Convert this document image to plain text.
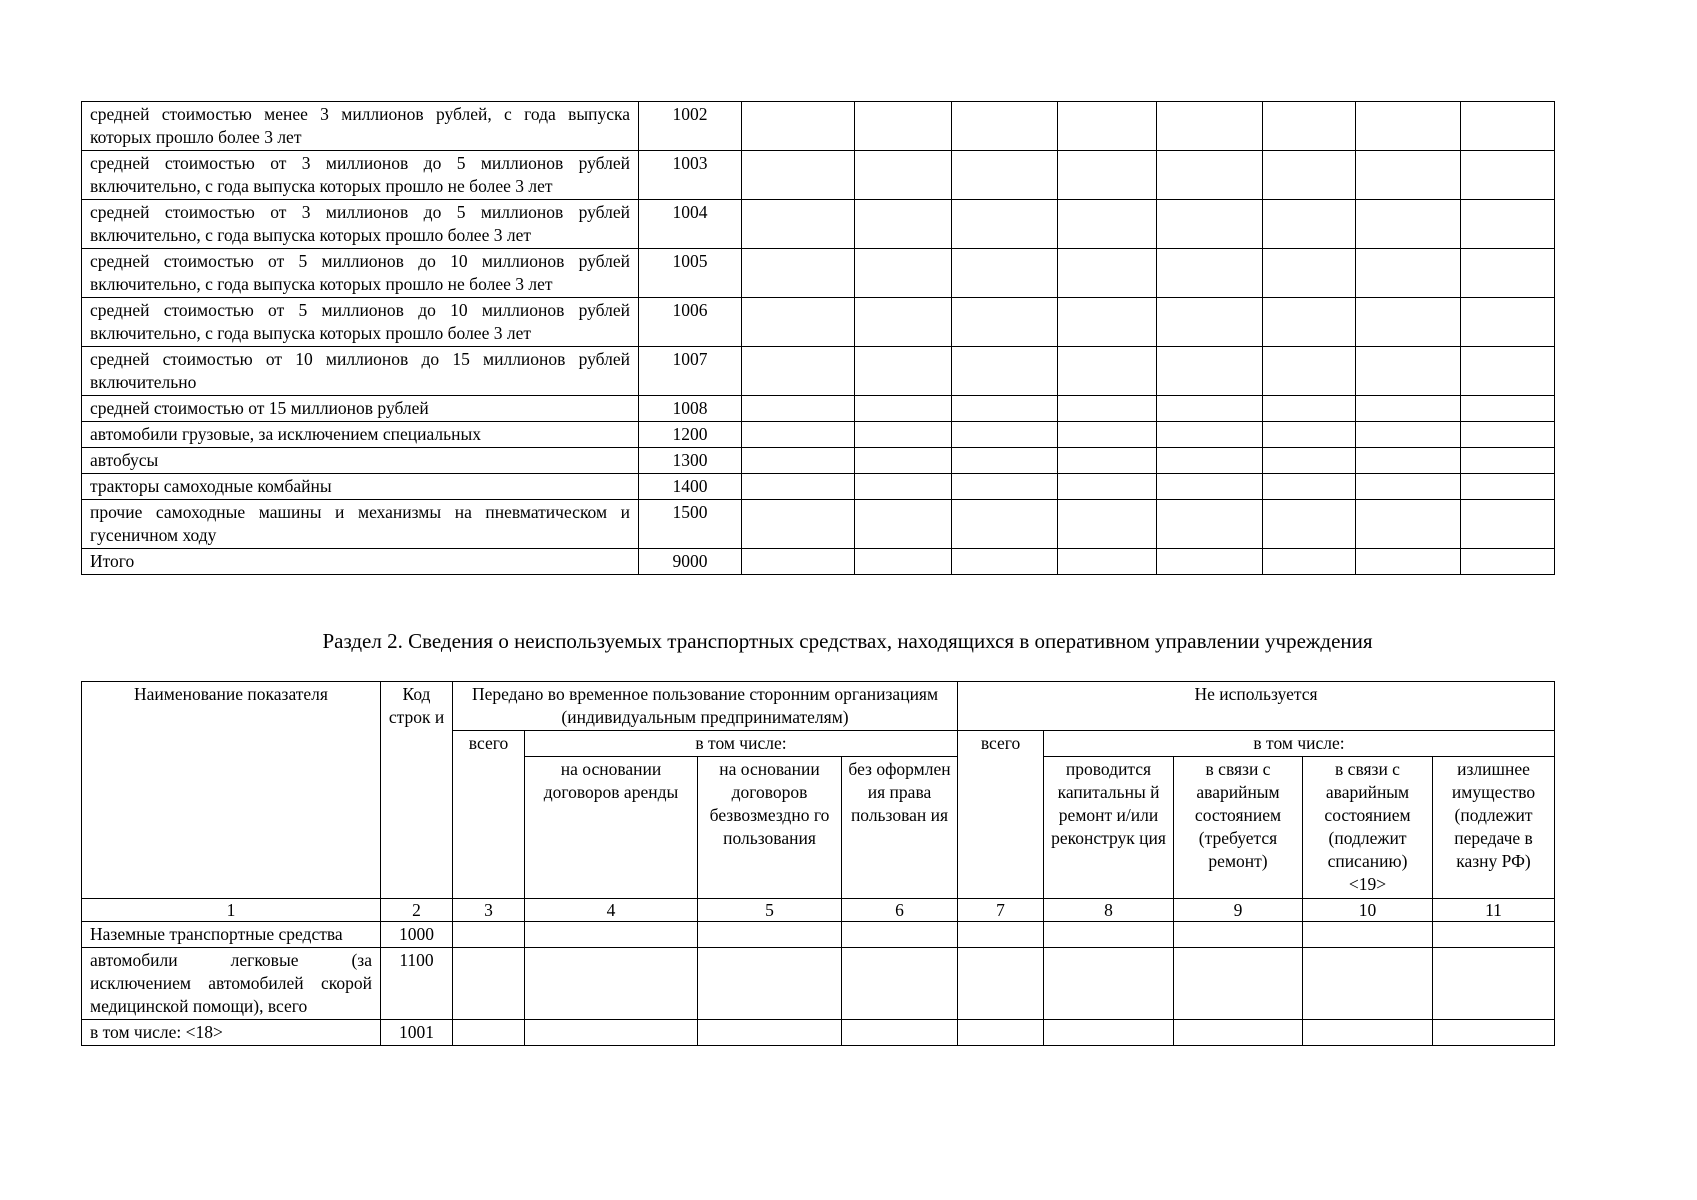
средней стоимостью менее 3 миллионов рублей, с года выпуска которых прошло более 3 лет	1002								
средней стоимостью от 3 миллионов до 5 миллионов рублей включительно, с года выпуска которых прошло не более 3 лет	1003								
средней стоимостью от 3 миллионов до 5 миллионов рублей включительно, с года выпуска которых прошло более 3 лет	1004								
средней стоимостью от 5 миллионов до 10 миллионов рублей включительно, с года выпуска которых прошло не более 3 лет	1005								
средней стоимостью от 5 миллионов до 10 миллионов рублей включительно, с года выпуска которых прошло более 3 лет	1006								
средней стоимостью от 10 миллионов до 15 миллионов рублей включительно	1007								
средней стоимостью от 15 миллионов рублей	1008								
автомобили грузовые, за исключением специальных	1200								
автобусы	1300								
тракторы самоходные комбайны	1400								
прочие самоходные машины и механизмы на пневматическом и гусеничном ходу	1500								
Итого	9000								
Раздел 2. Сведения о неиспользуемых транспортных средствах, находящихся в оперативном управлении учреждения
Наименование показателя	Код строк и	Передано во временное пользование сторонним организациям (индивидуальным предпринимателям)				Не используется				
		всего	в том числе:			всего	в том числе:			
			на основании договоров аренды	на основании договоров безвозмездно го пользования	без оформлен ия права пользован ия		проводится капитальны й ремонт и/или реконструк ция	в связи с аварийным состоянием (требуется ремонт)	в связи с аварийным состоянием (подлежит списанию) <19>	излишнее имущество (подлежит передаче в казну РФ)
1	2	3	4	5	6	7	8	9	10	11
Наземные транспортные средства	1000									
автомобили легковые (за исключением автомобилей скорой медицинской помощи), всего	1100									
в том числе: <18>	1001									
